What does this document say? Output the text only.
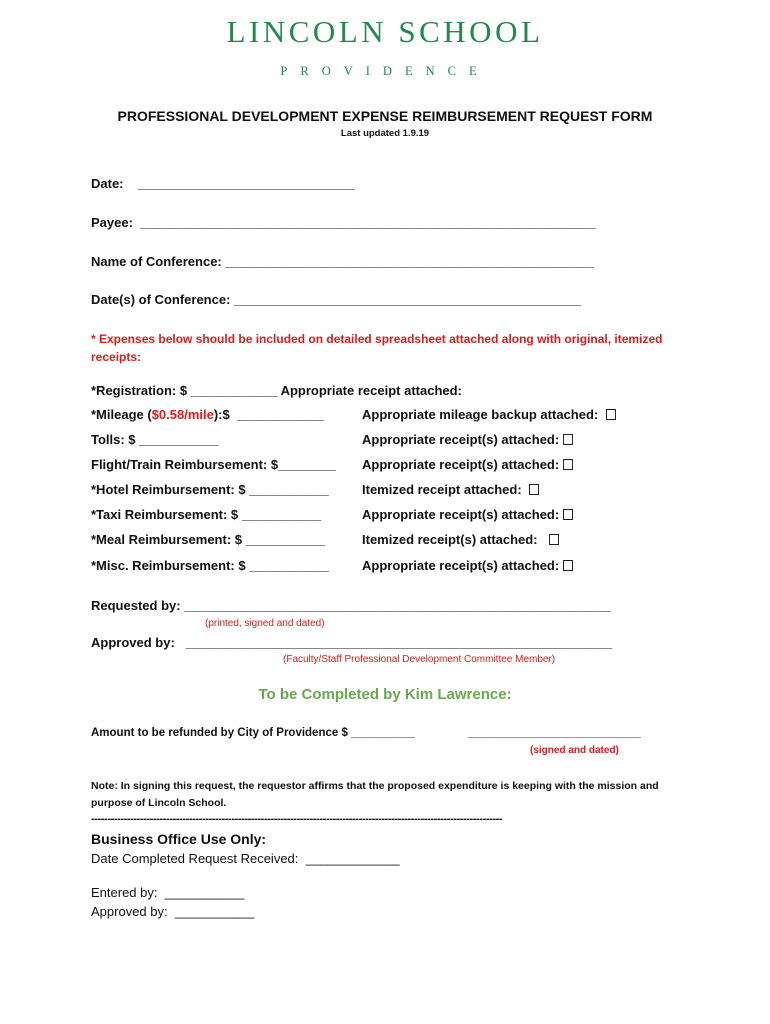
LINCOLN SCHOOL
PROVIDENCE
PROFESSIONAL DEVELOPMENT EXPENSE REIMBURSEMENT REQUEST FORM
Last updated 1.9.19
Date:    ______________________________
Payee:  _______________________________________________________________
Name of Conference: ___________________________________________________
Date(s) of Conference: ________________________________________________
* Expenses below should be included on detailed spreadsheet attached along with original, itemized receipts:
*Registration: $ ____________ Appropriate receipt attached:
*Mileage ($0.58/mile):$  ____________	Appropriate mileage backup attached:
Tolls: $ ___________	Appropriate receipt(s) attached:
Flight/Train Reimbursement: $________ Appropriate receipt(s) attached:
*Hotel Reimbursement: $ ___________	Itemized receipt attached:
*Taxi Reimbursement: $ ___________	Appropriate receipt(s) attached:
*Meal Reimbursement: $ ___________	Itemized receipt(s) attached:
*Misc. Reimbursement: $ ___________	Appropriate receipt(s) attached:
Requested by: ___________________________________________________________
(printed, signed and dated)
Approved by:   ___________________________________________________________
(Faculty/Staff Professional Development Committee Member)
To be Completed by Kim Lawrence:
Amount to be refunded by City of Providence $ __________	___________________________
(signed and dated)
Note: In signing this request, the requestor affirms that the proposed expenditure is keeping with the mission and purpose of Lincoln School.
------------------------------------------------------------------------------------------------------------------------------
Business Office Use Only:
Date Completed Request Received:  _____________
Entered by:  ___________
Approved by:  ___________
